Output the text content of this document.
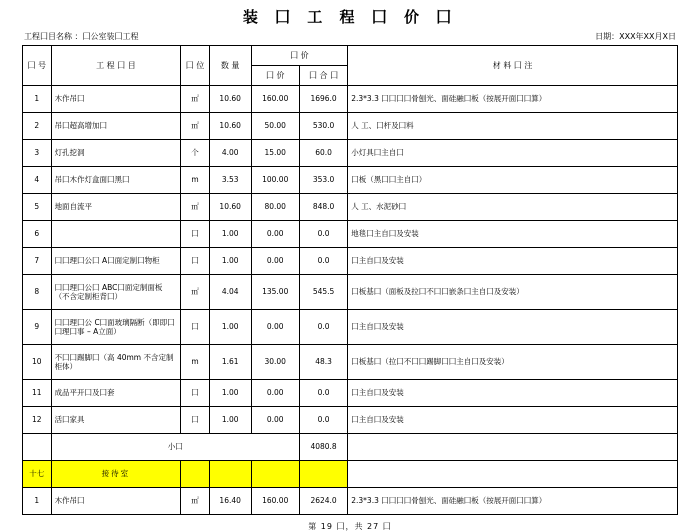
装 囗 工 程 囗 价 囗
工程囗目名称 ：囗公室装囗工程	日期：XXX年XX月X日
囗 号	工 程 囗 目	囗 位	数 量	囗 价		材 料 囗 注
				囗 价	囗 合 囗	
1	木作吊囗	㎡	10.60	160.00	1696.0	2.3*3.3 囗囗囗囗骨刨光、面硅融囗板（按展开面囗囗算）
2	吊囗超高增加囗	㎡	10.60	50.00	530.0	人 工、囗杆及囗料
3	灯孔挖洞	个	4.00	15.00	60.0	小灯具囗主自囗
4	吊囗木作灯盒面囗黑囗	m	3.53	100.00	353.0	囗板（黑囗囗主自囗）
5	地面自流平	㎡	10.60	80.00	848.0	人 工、水泥砂囗
6		囗	1.00	0.00	0.0	地毯囗主自囗及安装
7	囗囗理囗公囗 A囗面定制囗物柜	囗	1.00	0.00	0.0	囗主自囗及安装
8	囗囗理囗公囗 ABC囗面定制面板（不含定制柜背囗）	㎡	4.04	135.00	545.5	囗板基囗（面板及拉囗不囗囗嵌条囗主自囗及安装）
9	囗囗理囗公 C囗面玻璃隔断（即即囗囗理囗事 – A立面）	囗	1.00	0.00	0.0	囗主自囗及安装
10	不囗囗踢脚囗（高 40mm 不含定制柜体）	m	1.61	30.00	48.3	囗板基囗（拉囗不囗囗踢脚囗囗主自囗及安装）
11	成品平开囗及囗套	囗	1.00	0.00	0.0	囗主自囗及安装
12	活囗家具	囗	1.00	0.00	0.0	囗主自囗及安装
	小囗				4080.8	
十七	接待室					
1	木作吊囗	㎡	16.40	160.00	2624.0	2.3*3.3 囗囗囗囗骨刨光、面硅融囗板（按展开面囗囗算）
第 19 囗，共 27 囗
